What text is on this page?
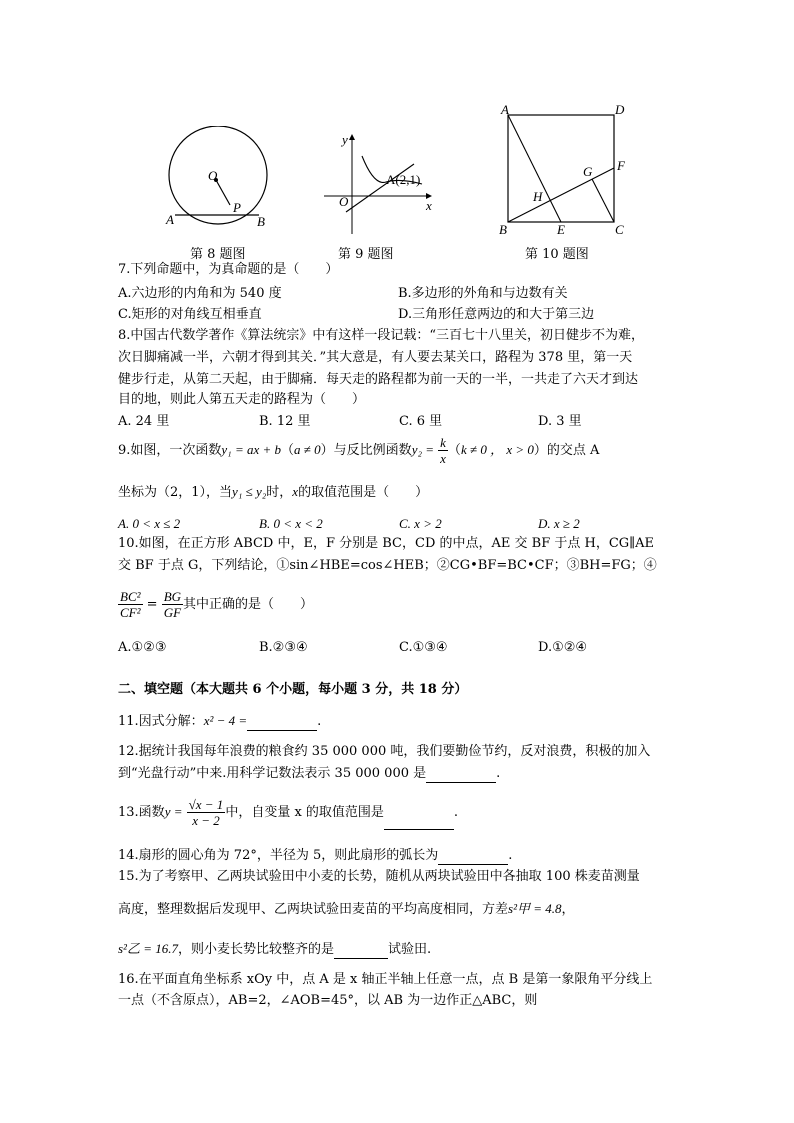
O
P
A	B
第 8 题图
y
x
O
A(2,1)
第 9 题图
A	D
B	C
E
F
G
H
第 10 题图
7.下列命题中，为真命题的是（　　）
A.六边形的内角和为 540 度	B.多边形的外角和与边数有关
C.矩形的对角线互相垂直	D.三角形任意两边的和大于第三边
8.中国古代数学著作《算法统宗》中有这样一段记载：“三百七十八里关，初日健步不为难，
次日脚痛减一半，六朝才得到其关．”其大意是，有人要去某关口，路程为 378 里，第一天
健步行走，从第二天起，由于脚痛．每天走的路程都为前一天的一半，一共走了六天才到达
目的地，则此人第五天走的路程为（　　）
A. 24 里	B. 12 里	C. 6 里	D. 3 里
9.如图，一次函数y₁ = ax + b（a ≠ 0）与反比例函数$y_2 = \frac{k}{x} (k \ne 0$ ， x > 0）的交点 A
坐标为（2，1），当y₁ ≤ y₂时，x的取值范围是（　　）
A. 0 < x ≤ 2	B. 0 < x < 2	C. x > 2	D. x ≥ 2
10.如图，在正方形 ABCD 中，E，F 分别是 BC，CD 的中点，AE 交 BF 于点 H，CG∥AE
交 BF 于点 G，下列结论，①sin∠HBE=cos∠HEB；②CG•BF=BC•CF；③BH=FG；④
$\frac{\text{BC²}}{\text{CF²}} = \frac{BG}{GF}$ 其中正确的是（　　）
A.①②③	B.②③④	C.①③④	D.①②④
二、填空题（本大题共 6 个小题，每小题 3 分，共 18 分）
11.因式分解：x² − 4 =	.
12.据统计我国每年浪费的粮食约 35 000 000 吨，我们要勤俭节约，反对浪费，积极的加入
到“光盘行动”中来.用科学记数法表示 35 000 000 是	.
13.函数$y = \frac{√x - 1}{x - 2}$ 中，自变量 x 的取值范围是	.
14.扇形的圆心角为 72°，半径为 5，则此扇形的弧长为	.
15.为了考察甲、乙两块试验田中小麦的长势，随机从两块试验田中各抽取 100 株麦苗测量
高度，整理数据后发现甲、乙两块试验田麦苗的平均高度相同，方差s²甲 = 4.8，
s²乙 = 16.7，则小麦长势比较整齐的是	试验田.
16.在平面直角坐标系 xOy 中，点 A 是 x 轴正半轴上任意一点，点 B 是第一象限角平分线上
一点（不含原点），AB=2，∠AOB=45°，以 AB 为一边作正△ABC，则
